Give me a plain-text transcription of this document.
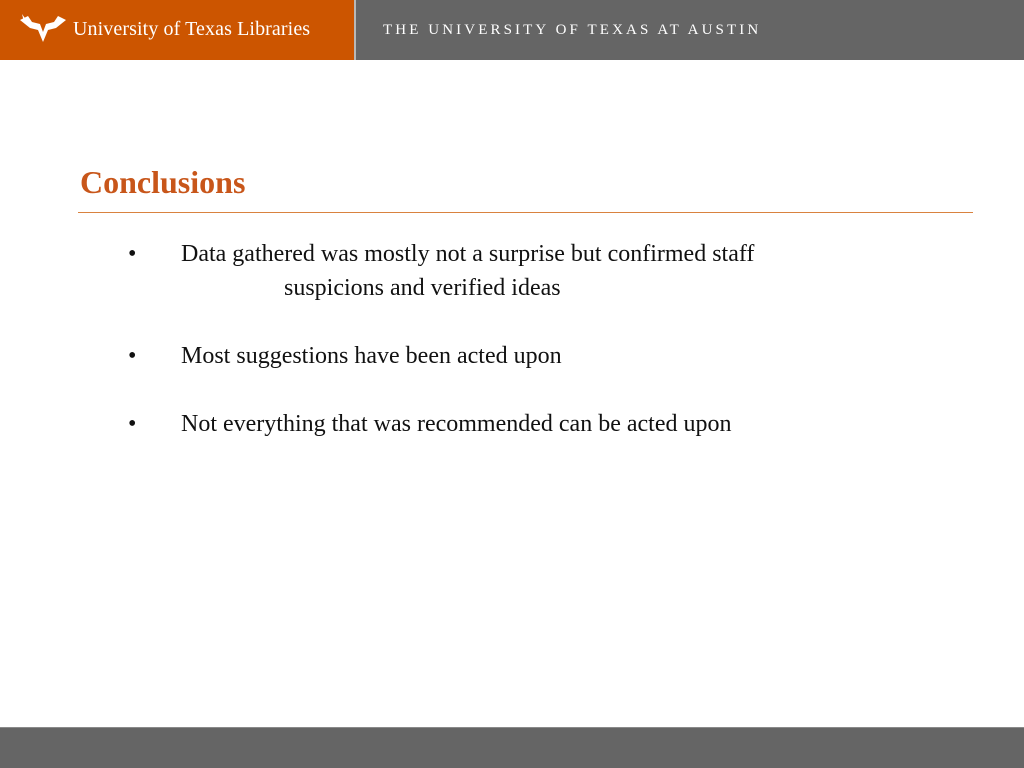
University of Texas Libraries	THE UNIVERSITY OF TEXAS AT AUSTIN
Conclusions
• Data gathered was mostly not a surprise but confirmed staff
suspicions and verified ideas
• Most suggestions have been acted upon
• Not everything that was recommended can be acted upon
